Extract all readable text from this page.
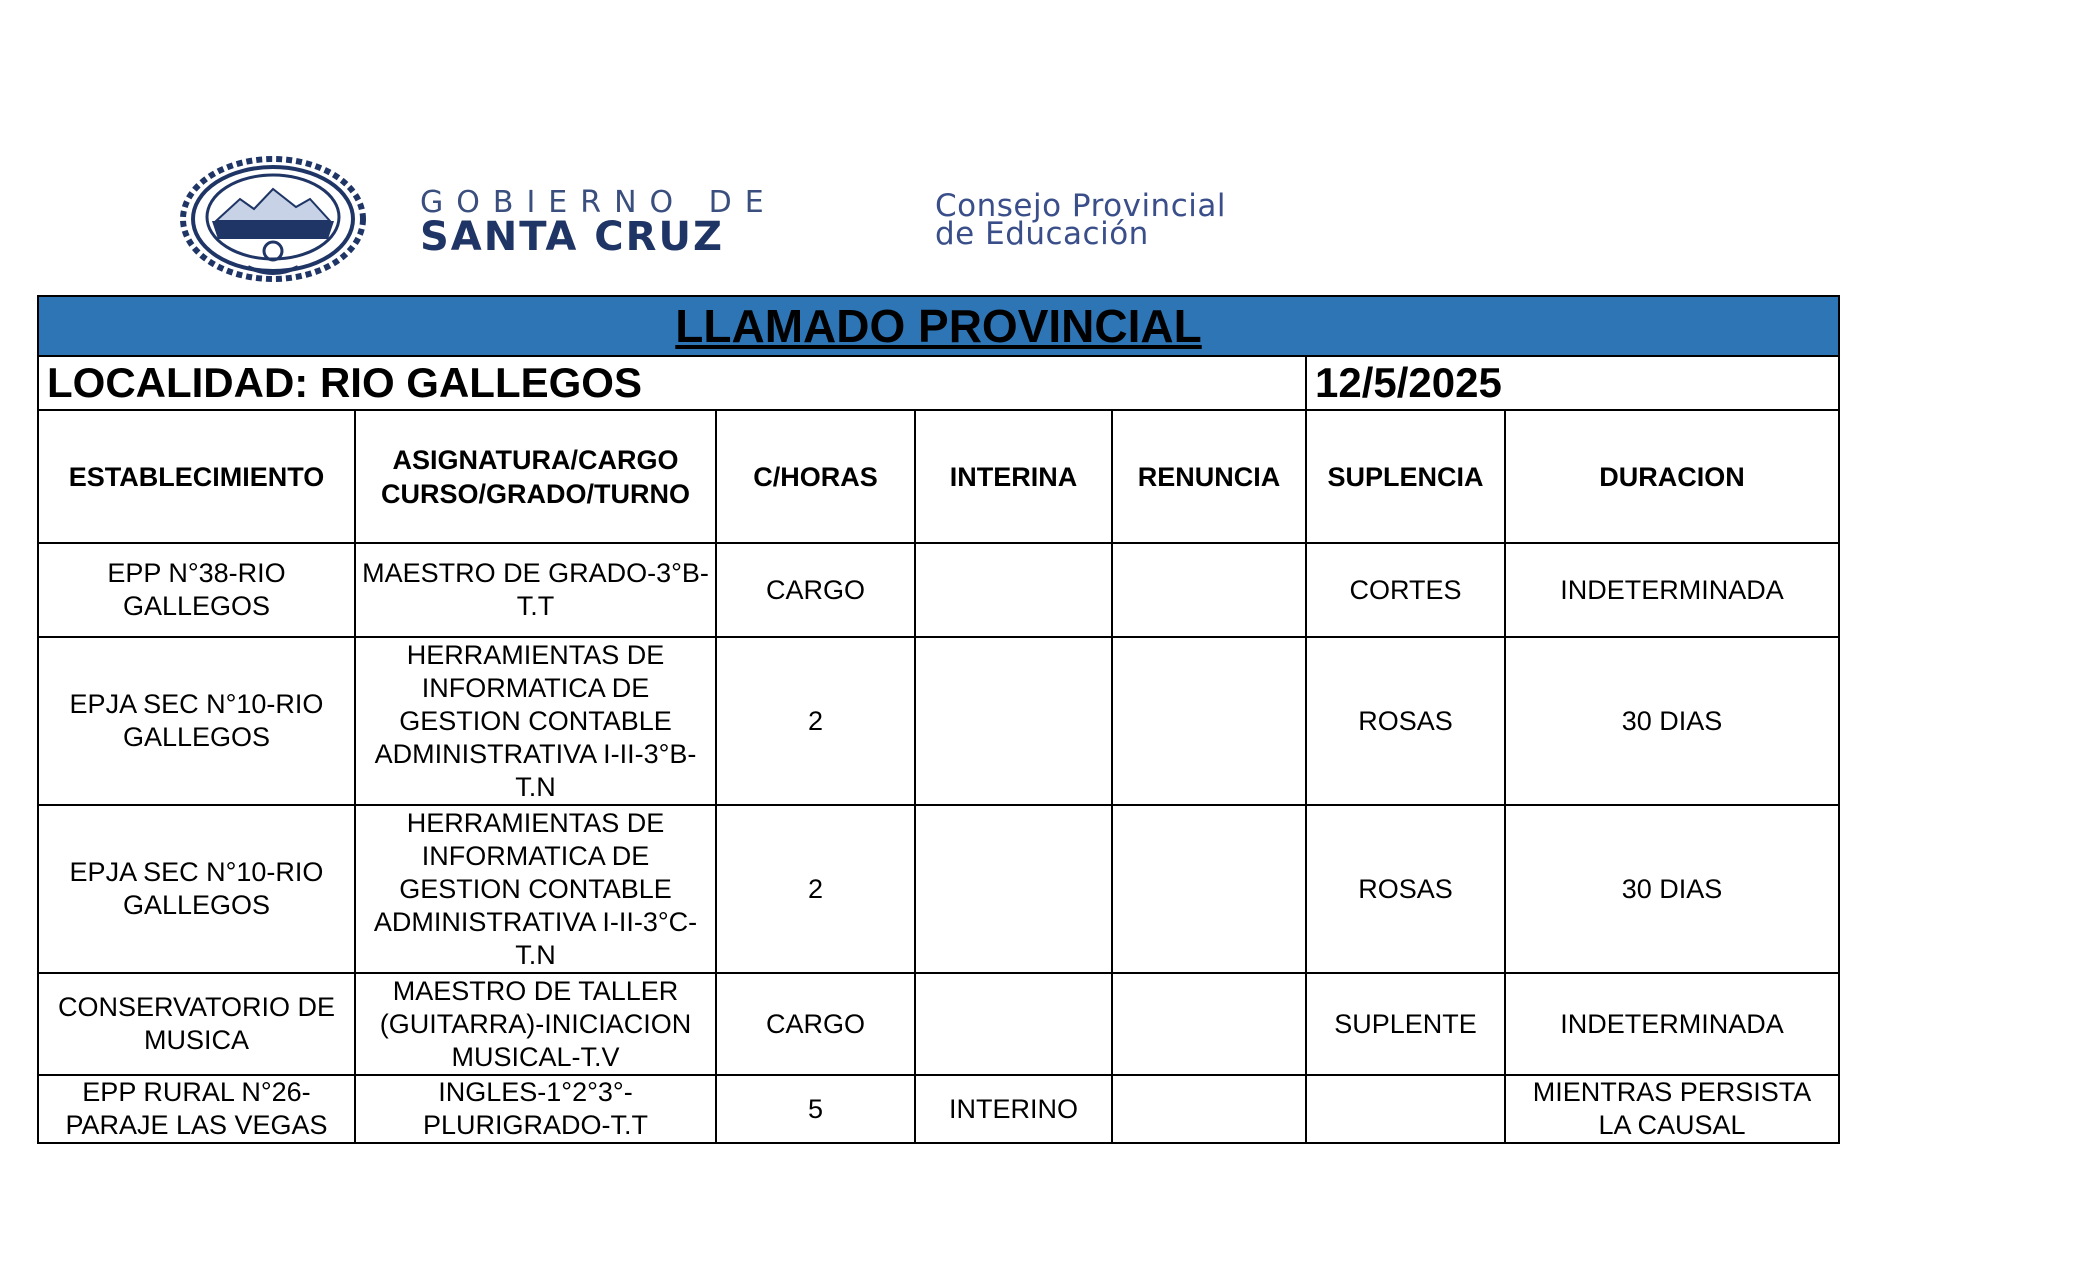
GOBIERNO DE
SANTA CRUZ
Consejo Provincial
de Educación
LLAMADO PROVINCIAL						
LOCALIDAD: RIO GALLEGOS					12/5/2025	
ESTABLECIMIENTO	ASIGNATURA/CARGO CURSO/GRADO/TURNO	C/HORAS	INTERINA	RENUNCIA	SUPLENCIA	DURACION

EPP N°38-RIO GALLEGOS	MAESTRO DE GRADO-3°B-T.T	CARGO			CORTES	INDETERMINADA

EPJA SEC N°10-RIO GALLEGOS	HERRAMIENTAS DE INFORMATICA DE GESTION CONTABLE ADMINISTRATIVA I-II-3°B-T.N	2			ROSAS	30 DIAS

EPJA SEC N°10-RIO GALLEGOS	HERRAMIENTAS DE INFORMATICA DE GESTION CONTABLE ADMINISTRATIVA I-II-3°C-T.N	2			ROSAS	30 DIAS
CONSERVATORIO DE MUSICA	MAESTRO DE TALLER (GUITARRA)-INICIACION MUSICAL-T.V	CARGO			SUPLENTE	INDETERMINADA
EPP RURAL N°26-PARAJE LAS VEGAS	INGLES-1°2°3°-PLURIGRADO-T.T	5	INTERINO			MIENTRAS PERSISTA LA CAUSAL
